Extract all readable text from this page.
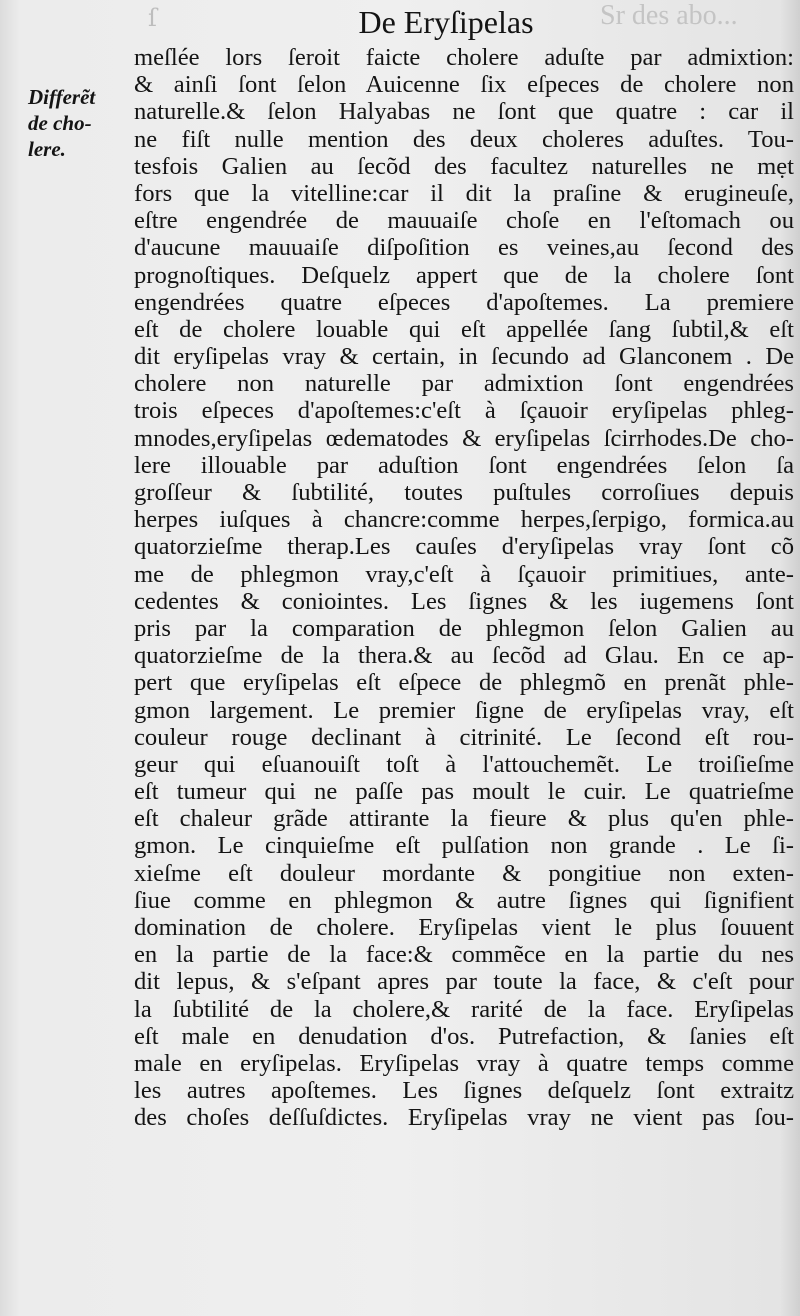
ſ	Sr des abo...
De Eryſipelas
Differẽt
de cho-
lere.
meſlée lors ſeroit faicte cholere aduſte par admixtion:
& ainſi ſont ſelon Auicenne ſix eſpeces de cholere non
naturelle.& ſelon Halyabas ne ſont que quatre : car il
ne fiſt nulle mention des deux choleres aduſtes. Tou-
tesfois Galien au ſecõd des facultez naturelles ne mẹt
fors que la vitelline:car il dit la praſine & erugineuſe,
eſtre engendrée de mauuaiſe choſe en l'eſtomach ou
d'aucune mauuaiſe diſpoſition es veines,au ſecond des
prognoſtiques. Deſquelz appert que de la cholere ſont
engendrées quatre eſpeces d'apoſtemes. La premiere
eſt de cholere louable qui eſt appellée ſang ſubtil,& eſt
dit eryſipelas vray & certain, in ſecundo ad Glanconem . De
cholere non naturelle par admixtion ſont engendrées
trois eſpeces d'apoſtemes:c'eſt à ſçauoir eryſipelas phleg-
mnodes,eryſipelas œdematodes & eryſipelas ſcirrhodes.De cho-
lere illouable par aduſtion ſont engendrées ſelon ſa
groſſeur & ſubtilité, toutes puſtules corroſiues depuis
herpes iuſques à chancre:comme herpes,ſerpigo, formica.au
quatorzieſme therap.Les cauſes d'eryſipelas vray ſont cõ
me de phlegmon vray,c'eſt à ſçauoir primitiues, ante-
cedentes & coniointes. Les ſignes & les iugemens ſont
pris par la comparation de phlegmon ſelon Galien au
quatorzieſme de la thera.& au ſecõd ad Glau. En ce ap-
pert que eryſipelas eſt eſpece de phlegmõ en prenãt phle-
gmon largement. Le premier ſigne de eryſipelas vray, eſt
couleur rouge declinant à citrinité. Le ſecond eſt rou-
geur qui eſuanouiſt toſt à l'attouchemẽt. Le troiſieſme
eſt tumeur qui ne paſſe pas moult le cuir. Le quatrieſme
eſt chaleur grãde attirante la fieure & plus qu'en phle-
gmon. Le cinquieſme eſt pulſation non grande . Le ſi-
xieſme eſt douleur mordante & pongitiue non exten-
ſiue comme en phlegmon & autre ſignes qui ſignifient
domination de cholere. Eryſipelas vient le plus ſouuent
en la partie de la face:& commẽce en la partie du nes
dit lepus, & s'eſpant apres par toute la face, & c'eſt pour
la ſubtilité de la cholere,& rarité de la face. Eryſipelas
eſt male en denudation d'os. Putrefaction, & ſanies eſt
male en eryſipelas. Eryſipelas vray à quatre temps comme
les autres apoſtemes. Les ſignes deſquelz ſont extraitz
des choſes deſſuſdictes. Eryſipelas vray ne vient pas ſou-
